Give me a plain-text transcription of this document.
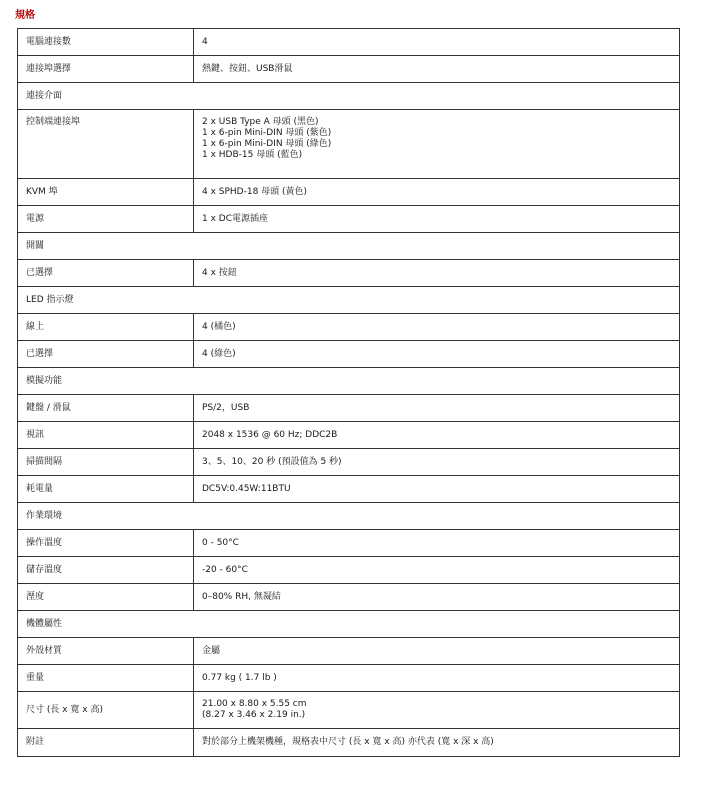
規格
電腦連接數	4
連接埠選擇	熱鍵、按鈕、USB滑鼠
連接介面	
控制端連接埠	2 x USB Type A 母頭 (黑色)
1 x 6-pin Mini-DIN 母頭 (紫色)
1 x 6-pin Mini-DIN 母頭 (綠色)
1 x HDB-15 母頭 (藍色)

KVM 埠	4 x SPHD-18 母頭 (黃色)
電源	1 x DC電源插座
開關	
已選擇	4 x 按鈕
LED 指示燈	
線上	4 (橘色)
已選擇	4 (綠色)
模擬功能	
鍵盤 / 滑鼠	PS/2，USB
視訊	2048 x 1536 @ 60 Hz; DDC2B
掃描間隔	3、5、10、20 秒 (預設值為 5 秒)
耗電量	DC5V:0.45W:11BTU
作業環境	
操作溫度	0 - 50°C
儲存溫度	-20 - 60°C
溼度	0–80% RH, 無凝結
機體屬性	
外殼材質	金屬
重量	0.77 kg ( 1.7 lb )
尺寸 (長 x 寬 x 高)	21.00 x 8.80 x 5.55 cm
(8.27 x 3.46 x 2.19 in.)

附註	對於部分上機架機種，規格表中尺寸 (長 x 寬 x 高) 亦代表 (寬 x 深 x 高)
